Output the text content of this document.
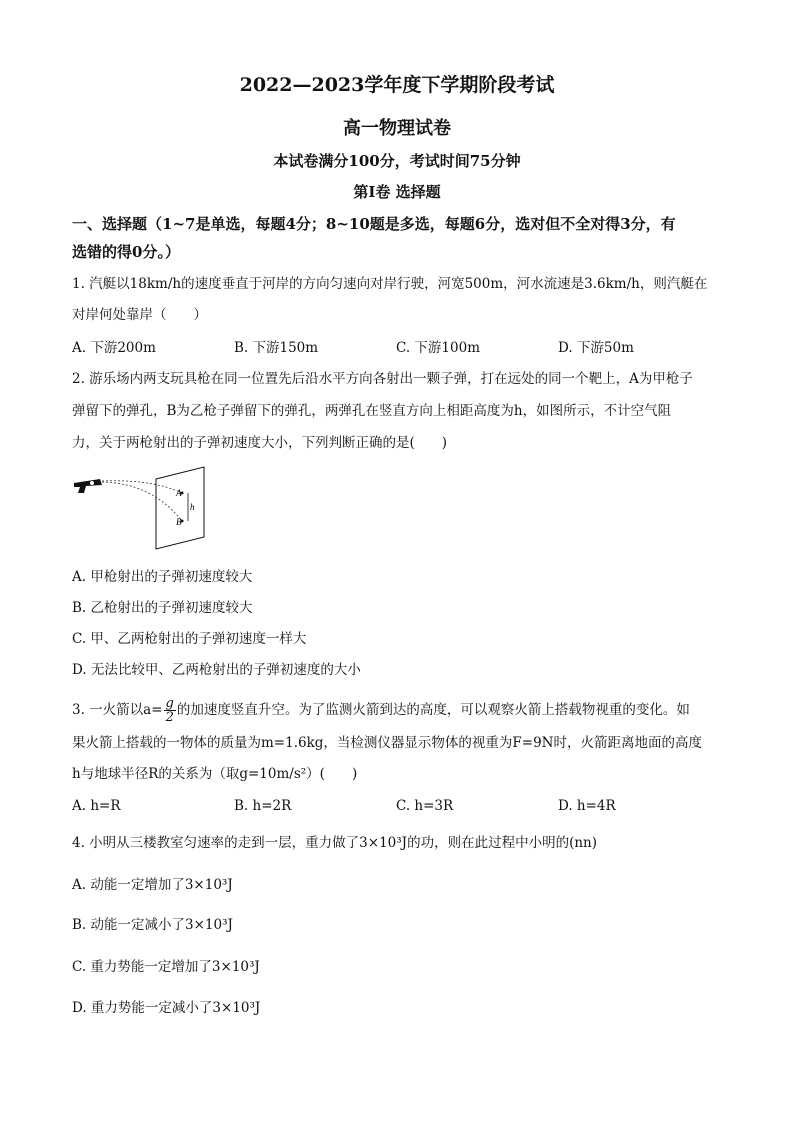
2022—2023学年度下学期阶段考试
高一物理试卷
本试卷满分100分，考试时间75分钟
第Ⅰ卷 选择题
一、选择题（1~7是单选，每题4分；8~10题是多选，每题6分，选对但不全对得3分，有
选错的得0分。）
1. 汽艇以18km/h的速度垂直于河岸的方向匀速向对岸行驶，河宽500m，河水流速是3.6km/h，则汽艇在
对岸何处靠岸（　　）
A. 下游200m	B. 下游150m	C. 下游100m	D. 下游50m
2. 游乐场内两支玩具枪在同一位置先后沿水平方向各射出一颗子弹，打在远处的同一个靶上，A为甲枪子
弹留下的弹孔，B为乙枪子弹留下的弹孔，两弹孔在竖直方向上相距高度为h，如图所示，不计空气阻
力，关于两枪射出的子弹初速度大小，下列判断正确的是(　　)
A
B
h
A. 甲枪射出的子弹初速度较大
B. 乙枪射出的子弹初速度较大
C. 甲、乙两枪射出的子弹初速度一样大
D. 无法比较甲、乙两枪射出的子弹初速度的大小
3. 一火箭以$a= \frac{g}{2}$ 的加速度竖直升空。为了监测火箭到达的高度，可以观察火箭上搭载物视重的变化。如
果火箭上搭载的一物体的质量为m=1.6kg，当检测仪器显示物体的视重为F=9N时，火箭距离地面的高度
h与地球半径R的关系为（取g=10m/s²）(　　)
A. h=R	B. h=2R	C. h=3R	D. h=4R
4. 小明从三楼教室匀速率的走到一层，重力做了3×10³J的功，则在此过程中小明的(nn)
A. 动能一定增加了3×10³J
B. 动能一定减小了3×10³J
C. 重力势能一定增加了3×10³J
D. 重力势能一定减小了3×10³J
